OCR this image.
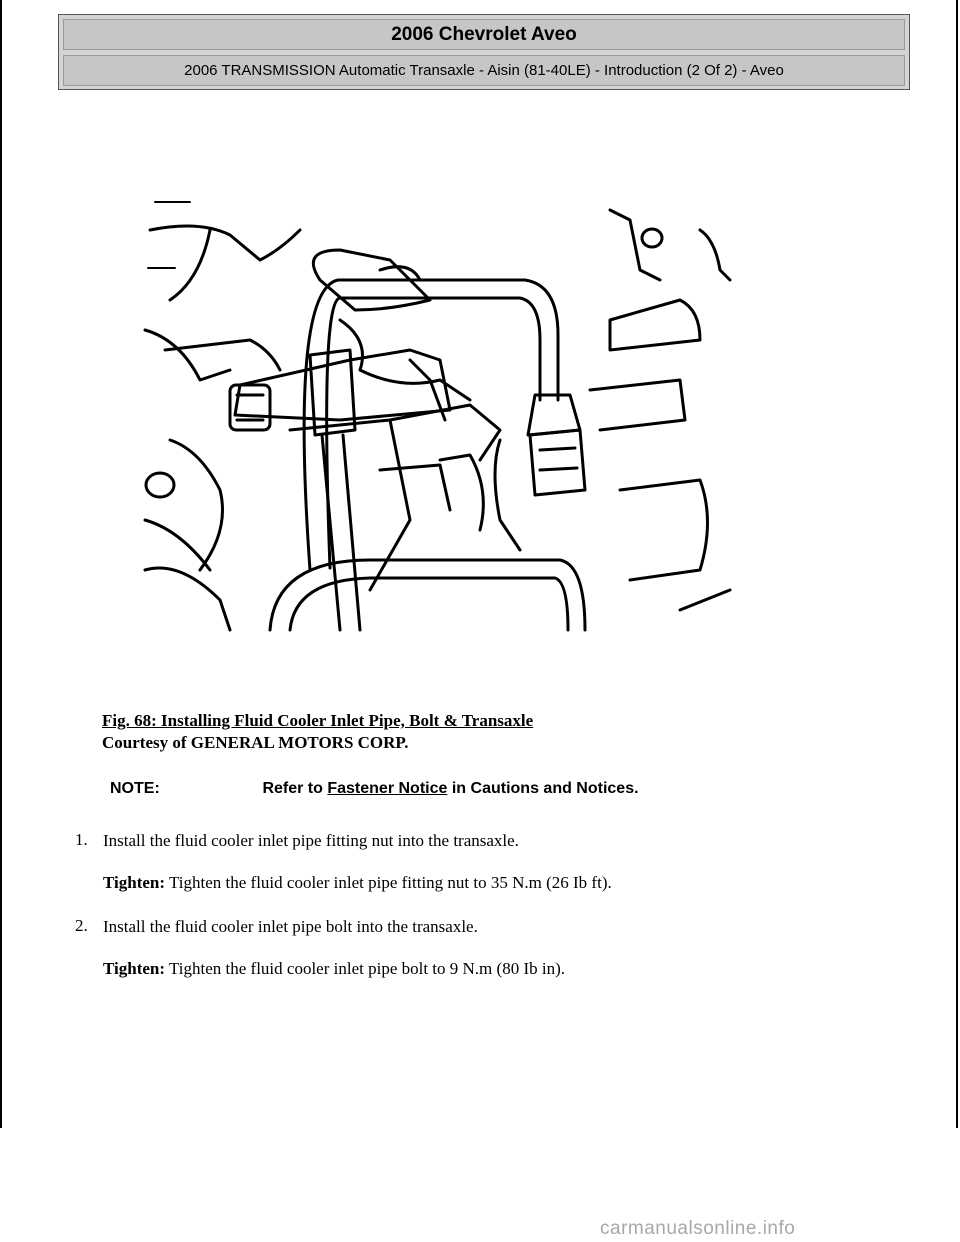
2006 Chevrolet Aveo
2006 TRANSMISSION Automatic Transaxle - Aisin (81-40LE) - Introduction (2 Of 2) - Aveo
Fig. 68: Installing Fluid Cooler Inlet Pipe, Bolt & Transaxle
Courtesy of GENERAL MOTORS CORP.
NOTE:	Refer to Fastener Notice in Cautions and Notices.
1. Install the fluid cooler inlet pipe fitting nut into the transaxle.

Tighten: Tighten the fluid cooler inlet pipe fitting nut to 35 N.m (26 Ib ft).

2. Install the fluid cooler inlet pipe bolt into the transaxle.

Tighten: Tighten the fluid cooler inlet pipe bolt to 9 N.m (80 Ib in).

carmanualsonline.info
